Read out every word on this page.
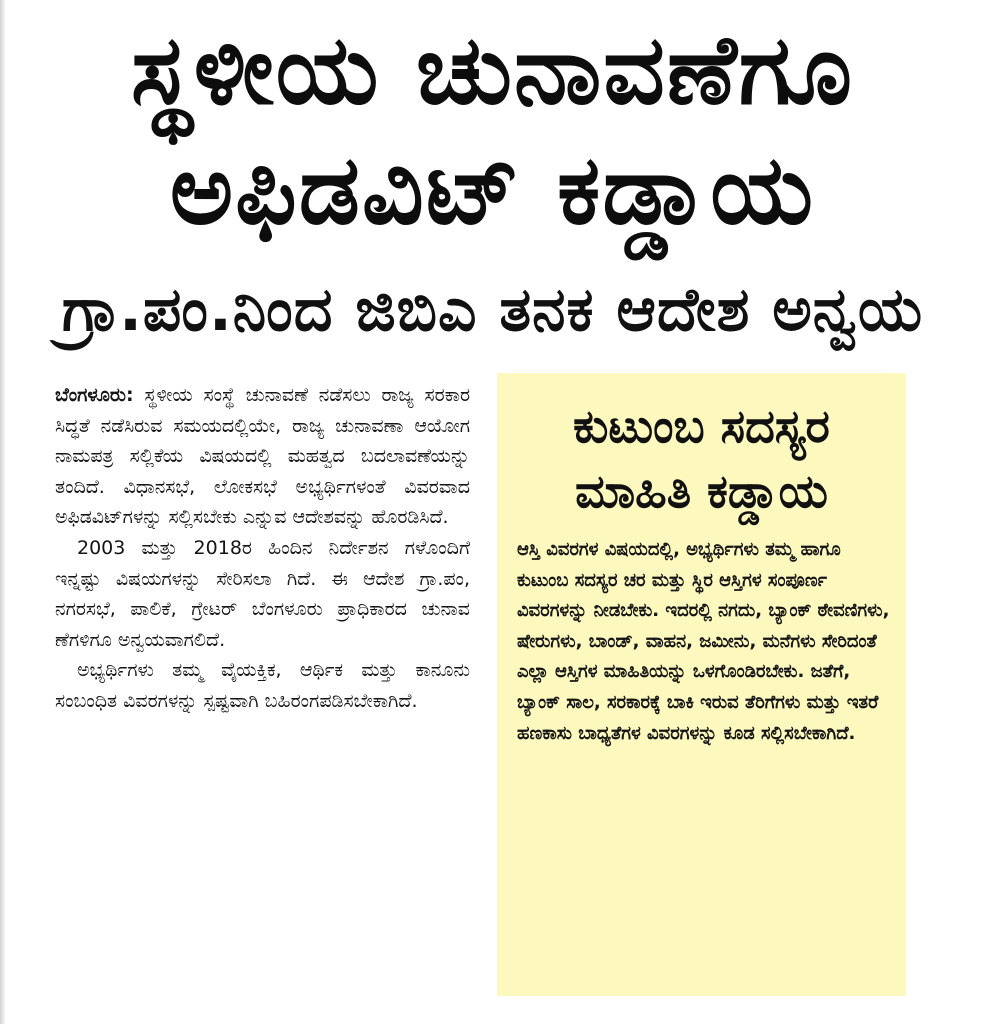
ಸ್ಥಳೀಯ ಚುನಾವಣೆಗೂ
ಅಫಿಡವಿಟ್ ಕಡ್ಡಾಯ
ಗ್ರಾ.ಪಂ.ನಿಂದ ಜಿಬಿಎ ತನಕ ಆದೇಶ ಅನ್ವಯ

ಬೆಂಗಳೂರು: ಸ್ಥಳೀಯ ಸಂಸ್ಥೆ ಚುನಾವಣೆ ನಡೆಸಲು ರಾಜ್ಯ ಸರಕಾರ ಸಿದ್ಧತೆ ನಡೆಸಿರುವ ಸಮಯದಲ್ಲಿಯೇ, ರಾಜ್ಯ ಚುನಾವಣಾ ಆಯೋಗ ನಾಮಪತ್ರ ಸಲ್ಲಿಕೆಯ ವಿಷಯದಲ್ಲಿ ಮಹತ್ವದ ಬದಲಾವಣೆಯನ್ನು ತಂದಿದೆ. ವಿಧಾನಸಭೆ, ಲೋಕಸಭೆ ಅಭ್ಯರ್ಥಿಗಳಂತೆ ವಿವರವಾದ ಅಫಿಡವಿಟ್‌ಗಳನ್ನು ಸಲ್ಲಿಸಬೇಕು ಎನ್ನುವ ಆದೇಶವನ್ನು ಹೊರಡಿಸಿದೆ.

2003 ಮತ್ತು 2018ರ ಹಿಂದಿನ ನಿರ್ದೇಶನ ಗಳೊಂದಿಗೆ ಇನ್ನಷ್ಟು ವಿಷಯಗಳನ್ನು ಸೇರಿಸಲಾ ಗಿದೆ. ಈ ಆದೇಶ ಗ್ರಾ.ಪಂ, ನಗರಸಭೆ, ಪಾಲಿಕೆ, ಗ್ರೇಟರ್ ಬೆಂಗಳೂರು ಪ್ರಾಧಿಕಾರದ ಚುನಾವ ಣೆಗಳಿಗೂ ಅನ್ವಯವಾಗಲಿದೆ.

ಅಭ್ಯರ್ಥಿಗಳು ತಮ್ಮ ವೈಯಕ್ತಿಕ, ಆರ್ಥಿಕ ಮತ್ತು ಕಾನೂನು ಸಂಬಂಧಿತ ವಿವರಗಳನ್ನು ಸ್ಪಷ್ಟವಾಗಿ ಬಹಿರಂಗಪಡಿಸಬೇಕಾಗಿದೆ.

ಕುಟುಂಬ ಸದಸ್ಯರ
ಮಾಹಿತಿ ಕಡ್ಡಾಯ
ಆಸ್ತಿ ವಿವರಗಳ ವಿಷಯದಲ್ಲಿ, ಅಭ್ಯರ್ಥಿಗಳು ತಮ್ಮ ಹಾಗೂ ಕುಟುಂಬ ಸದಸ್ಯರ ಚರ ಮತ್ತು ಸ್ಥಿರ ಆಸ್ತಿಗಳ ಸಂಪೂರ್ಣ ವಿವರಗಳನ್ನು ನೀಡಬೇಕು. ಇದರಲ್ಲಿ ನಗದು, ಬ್ಯಾಂಕ್ ಠೇವಣಿಗಳು, ಷೇರುಗಳು, ಬಾಂಡ್, ವಾಹನ, ಜಮೀನು, ಮನೆಗಳು ಸೇರಿದಂತೆ ಎಲ್ಲಾ ಆಸ್ತಿಗಳ ಮಾಹಿತಿಯನ್ನು ಒಳಗೊಂಡಿರಬೇಕು. ಜತೆಗೆ, ಬ್ಯಾಂಕ್ ಸಾಲ, ಸರಕಾರಕ್ಕೆ ಬಾಕಿ ಇರುವ ತೆರಿಗೆಗಳು ಮತ್ತು ಇತರೆ ಹಣಕಾಸು ಬಾಧ್ಯತೆಗಳ ವಿವರಗಳನ್ನು ಕೂಡ ಸಲ್ಲಿಸಬೇಕಾಗಿದೆ.
